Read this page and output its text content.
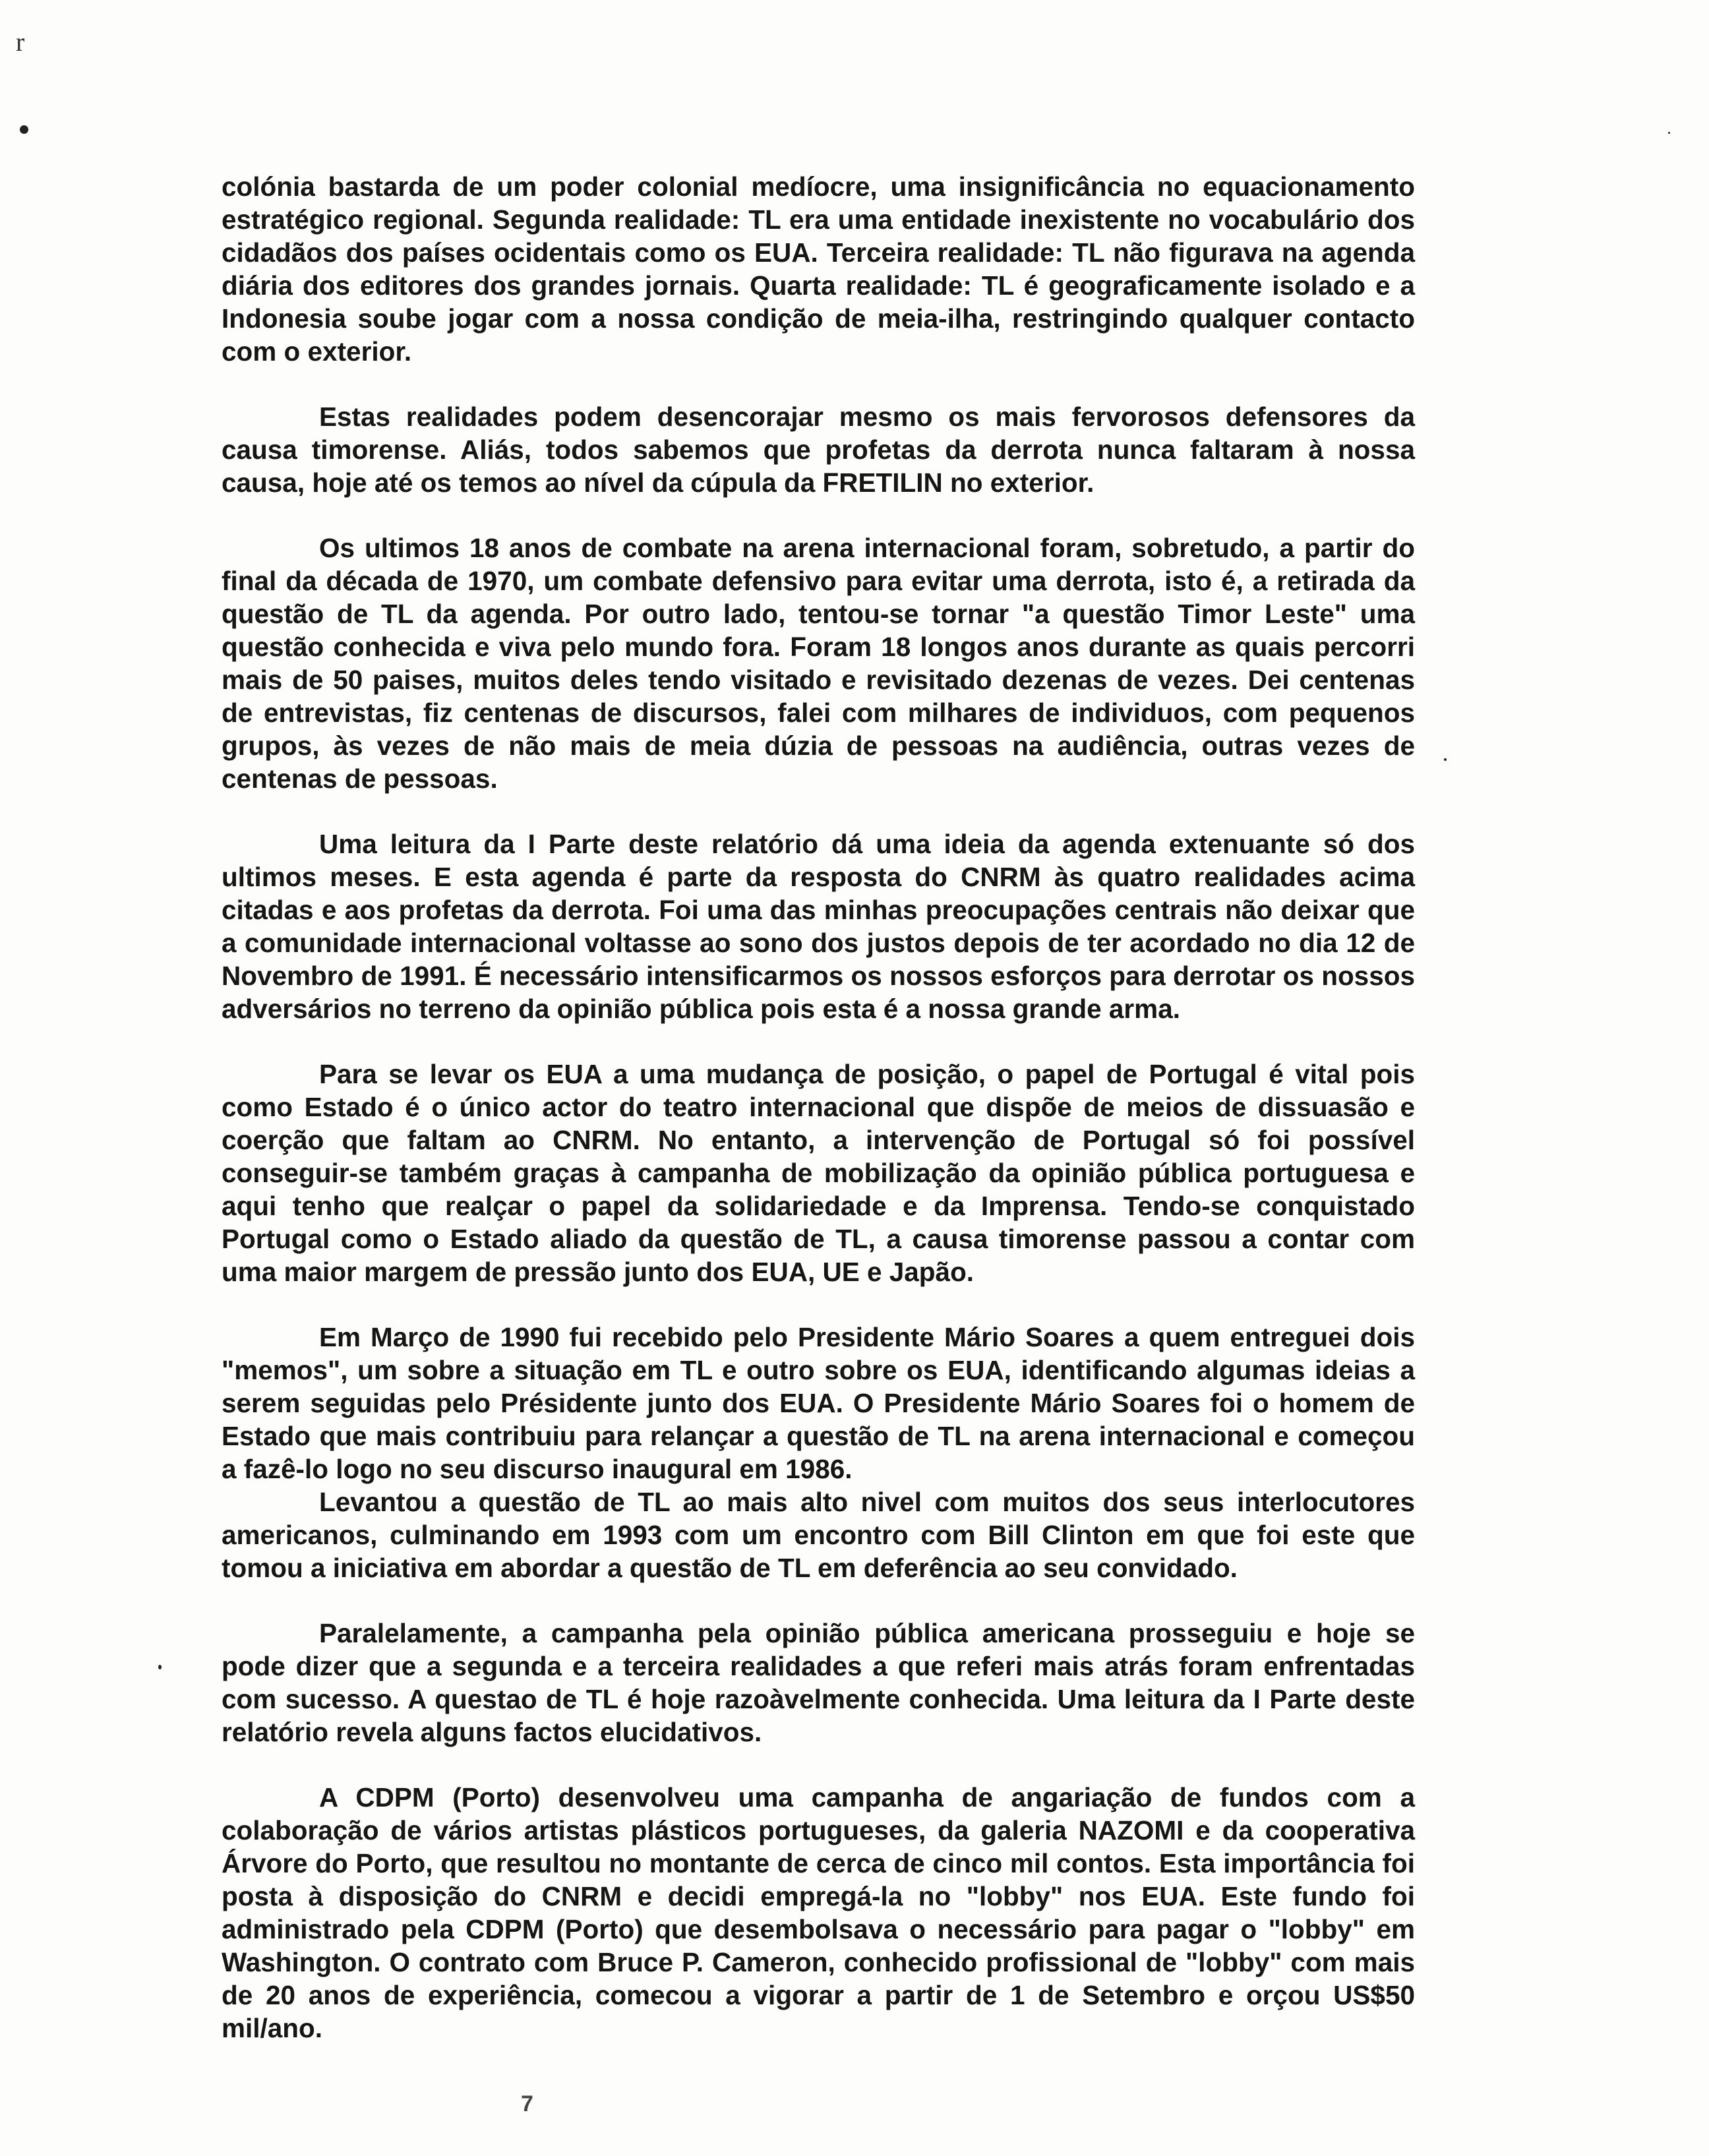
r

colónia bastarda de um poder colonial medíocre, uma insignificância no equacionamento estratégico regional. Segunda realidade: TL era uma entidade inexistente no vocabulário dos cidadãos dos países ocidentais como os EUA. Terceira realidade: TL não figurava na agenda diária dos editores dos grandes jornais. Quarta realidade: TL é geograficamente isolado e a Indonesia soube jogar com a nossa condição de meia-ilha, restringindo qualquer contacto com o exterior.

Estas realidades podem desencorajar mesmo os mais fervorosos defensores da causa timorense. Aliás, todos sabemos que profetas da derrota nunca faltaram à nossa causa, hoje até os temos ao nível da cúpula da FRETILIN no exterior.

Os ultimos 18 anos de combate na arena internacional foram, sobretudo, a partir do final da década de 1970, um combate defensivo para evitar uma derrota, isto é, a retirada da questão de TL da agenda. Por outro lado, tentou-se tornar "a questão Timor Leste" uma questão conhecida e viva pelo mundo fora. Foram 18 longos anos durante as quais percorri mais de 50 paises, muitos deles tendo visitado e revisitado dezenas de vezes. Dei centenas de entrevistas, fiz centenas de discursos, falei com milhares de individuos, com pequenos grupos, às vezes de não mais de meia dúzia de pessoas na audiência, outras vezes de centenas de pessoas.

Uma leitura da I Parte deste relatório dá uma ideia da agenda extenuante só dos ultimos meses. E esta agenda é parte da resposta do CNRM às quatro realidades acima citadas e aos profetas da derrota. Foi uma das minhas preocupações centrais não deixar que a comunidade internacional voltasse ao sono dos justos depois de ter acordado no dia 12 de Novembro de 1991. É necessário intensificarmos os nossos esforços para derrotar os nossos adversários no terreno da opinião pública pois esta é a nossa grande arma.

Para se levar os EUA a uma mudança de posição, o papel de Portugal é vital pois como Estado é o único actor do teatro internacional que dispõe de meios de dissuasão e coerção que faltam ao CNRM. No entanto, a intervenção de Portugal só foi possível conseguir-se também graças à campanha de mobilização da opinião pública portuguesa e aqui tenho que realçar o papel da solidariedade e da Imprensa. Tendo-se conquistado Portugal como o Estado aliado da questão de TL, a causa timorense passou a contar com uma maior margem de pressão junto dos EUA, UE e Japão.

Em Março de 1990 fui recebido pelo Presidente Mário Soares a quem entreguei dois "memos", um sobre a situação em TL e outro sobre os EUA, identificando algumas ideias a serem seguidas pelo Présidente junto dos EUA. O Presidente Mário Soares foi o homem de Estado que mais contribuiu para relançar a questão de TL na arena internacional e começou a fazê-lo logo no seu discurso inaugural em 1986.

Levantou a questão de TL ao mais alto nivel com muitos dos seus interlocutores americanos, culminando em 1993 com um encontro com Bill Clinton em que foi este que tomou a iniciativa em abordar a questão de TL em deferência ao seu convidado.

Paralelamente, a campanha pela opinião pública americana prosseguiu e hoje se pode dizer que a segunda e a terceira realidades a que referi mais atrás foram enfrentadas com sucesso. A questao de TL é hoje razoàvelmente conhecida. Uma leitura da I Parte deste relatório revela alguns factos elucidativos.

A CDPM (Porto) desenvolveu uma campanha de angariação de fundos com a colaboração de vários artistas plásticos portugueses, da galeria NAZOMI e da cooperativa Árvore do Porto, que resultou no montante de cerca de cinco mil contos. Esta importância foi posta à disposição do CNRM e decidi empregá-la no "lobby" nos EUA. Este fundo foi administrado pela CDPM (Porto) que desembolsava o necessário para pagar o "lobby" em Washington. O contrato com Bruce P. Cameron, conhecido profissional de "lobby" com mais de 20 anos de experiência, comecou a vigorar a partir de 1 de Setembro e orçou US$50 mil/ano.

7
